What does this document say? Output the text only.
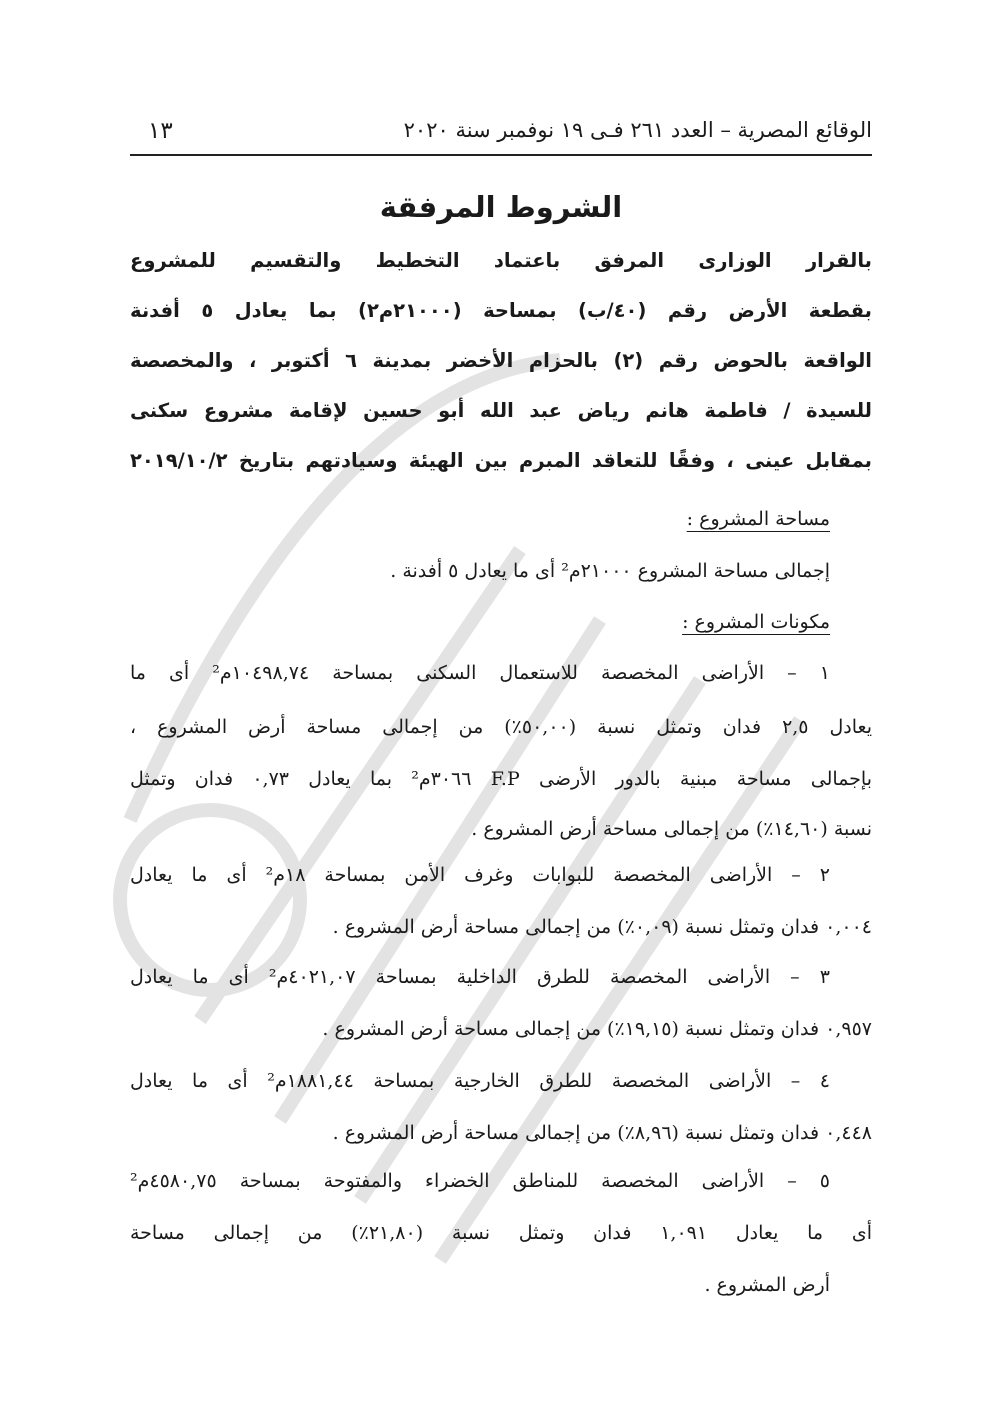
الوقائع المصرية – العدد ٢٦١ فـى ١٩ نوفمبر سنة ٢٠٢٠
١٣
الشروط المرفقة
بالقرار الوزارى المرفق باعتماد التخطيط والتقسيم للمشروع
بقطعة الأرض رقم (٤٠/ب) بمساحة (٢١٠٠٠م٢) بما يعادل ٥ أفدنة
الواقعة بالحوض رقم (٢) بالحزام الأخضر بمدينة ٦ أكتوبر ، والمخصصة
للسيدة / فاطمة هانم رياض عبد الله أبو حسين لإقامة مشروع سكنى
بمقابل عينى ، وفقًا للتعاقد المبرم بين الهيئة وسيادتهم بتاريخ ٢٠١٩/١٠/٢
مساحة المشروع :
إجمالى مساحة المشروع ٢١٠٠٠م² أى ما يعادل ٥ أفدنة .
مكونات المشروع :
١ – الأراضى المخصصة للاستعمال السكنى بمساحة ١٠٤٩٨,٧٤م² أى ما
يعادل ٢,٥ فدان وتمثل نسبة (٥٠,٠٠٪) من إجمالى مساحة أرض المشروع ،
بإجمالى مساحة مبنية بالدور الأرضى F.P ٣٠٦٦م² بما يعادل ٠,٧٣ فدان وتمثل
نسبة (١٤,٦٠٪) من إجمالى مساحة أرض المشروع .
٢ – الأراضى المخصصة للبوابات وغرف الأمن بمساحة ١٨م² أى ما يعادل
٠,٠٠٤ فدان وتمثل نسبة (٠,٠٩٪) من إجمالى مساحة أرض المشروع .
٣ – الأراضى المخصصة للطرق الداخلية بمساحة ٤٠٢١,٠٧م² أى ما يعادل
٠,٩٥٧ فدان وتمثل نسبة (١٩,١٥٪) من إجمالى مساحة أرض المشروع .
٤ – الأراضى المخصصة للطرق الخارجية بمساحة ١٨٨١,٤٤م² أى ما يعادل
٠,٤٤٨ فدان وتمثل نسبة (٨,٩٦٪) من إجمالى مساحة أرض المشروع .
٥ – الأراضى المخصصة للمناطق الخضراء والمفتوحة بمساحة ٤٥٨٠,٧٥م²
أى ما يعادل ١,٠٩١ فدان وتمثل نسبة (٢١,٨٠٪) من إجمالى مساحة
أرض المشروع .
